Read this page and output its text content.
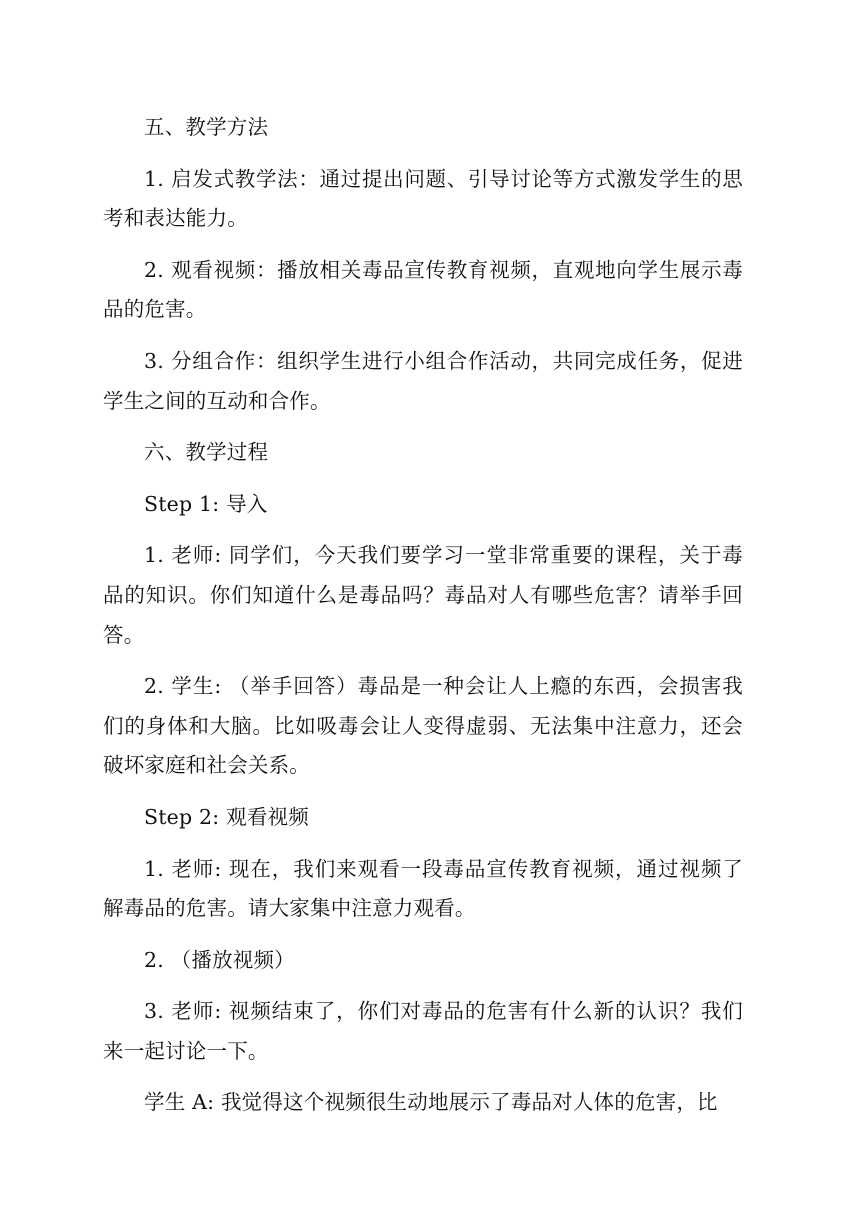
五、教学方法

1. 启发式教学法：通过提出问题、引导讨论等方式激发学生的思考和表达能力。

2. 观看视频：播放相关毒品宣传教育视频，直观地向学生展示毒品的危害。

3. 分组合作：组织学生进行小组合作活动，共同完成任务，促进学生之间的互动和合作。

六、教学过程

Step 1: 导入

1. 老师: 同学们，今天我们要学习一堂非常重要的课程，关于毒品的知识。你们知道什么是毒品吗？毒品对人有哪些危害？请举手回答。

2. 学生: （举手回答）毒品是一种会让人上瘾的东西，会损害我们的身体和大脑。比如吸毒会让人变得虚弱、无法集中注意力，还会破坏家庭和社会关系。

Step 2: 观看视频

1. 老师: 现在，我们来观看一段毒品宣传教育视频，通过视频了解毒品的危害。请大家集中注意力观看。

2. （播放视频）

3. 老师: 视频结束了，你们对毒品的危害有什么新的认识？我们来一起讨论一下。

学生 A: 我觉得这个视频很生动地展示了毒品对人体的危害，比
